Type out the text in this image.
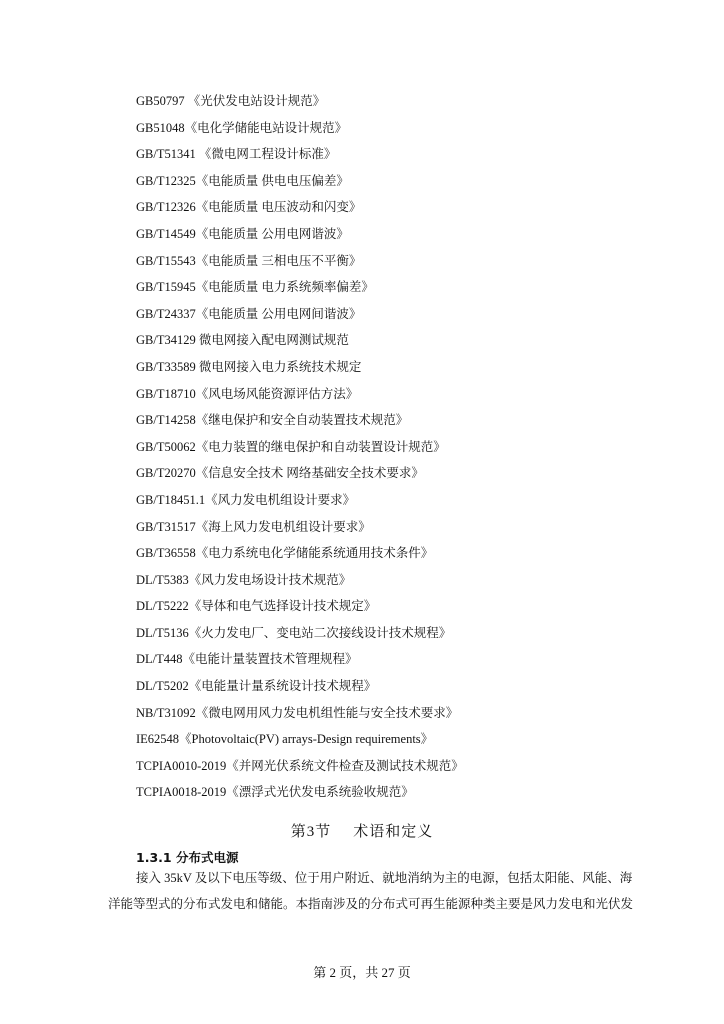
GB50797 《光伏发电站设计规范》
GB51048《电化学储能电站设计规范》
GB/T51341 《微电网工程设计标准》
GB/T12325《电能质量 供电电压偏差》
GB/T12326《电能质量 电压波动和闪变》
GB/T14549《电能质量 公用电网谐波》
GB/T15543《电能质量 三相电压不平衡》
GB/T15945《电能质量 电力系统频率偏差》
GB/T24337《电能质量 公用电网间谐波》
GB/T34129 微电网接入配电网测试规范
GB/T33589 微电网接入电力系统技术规定
GB/T18710《风电场风能资源评估方法》
GB/T14258《继电保护和安全自动装置技术规范》
GB/T50062《电力装置的继电保护和自动装置设计规范》
GB/T20270《信息安全技术 网络基础安全技术要求》
GB/T18451.1《风力发电机组设计要求》
GB/T31517《海上风力发电机组设计要求》
GB/T36558《电力系统电化学储能系统通用技术条件》
DL/T5383《风力发电场设计技术规范》
DL/T5222《导体和电气选择设计技术规定》
DL/T5136《火力发电厂、变电站二次接线设计技术规程》
DL/T448《电能计量装置技术管理规程》
DL/T5202《电能量计量系统设计技术规程》
NB/T31092《微电网用风力发电机组性能与安全技术要求》
IE62548《Photovoltaic(PV) arrays-Design requirements》
TCPIA0010-2019《并网光伏系统文件检查及测试技术规范》
TCPIA0018-2019《漂浮式光伏发电系统验收规范》
第3节 术语和定义
1.3.1 分布式电源
接入 35kV 及以下电压等级、位于用户附近、就地消纳为主的电源，包括太阳能、风能、海
洋能等型式的分布式发电和储能。本指南涉及的分布式可再生能源种类主要是风力发电和光伏发
第 2 页，共 27 页
